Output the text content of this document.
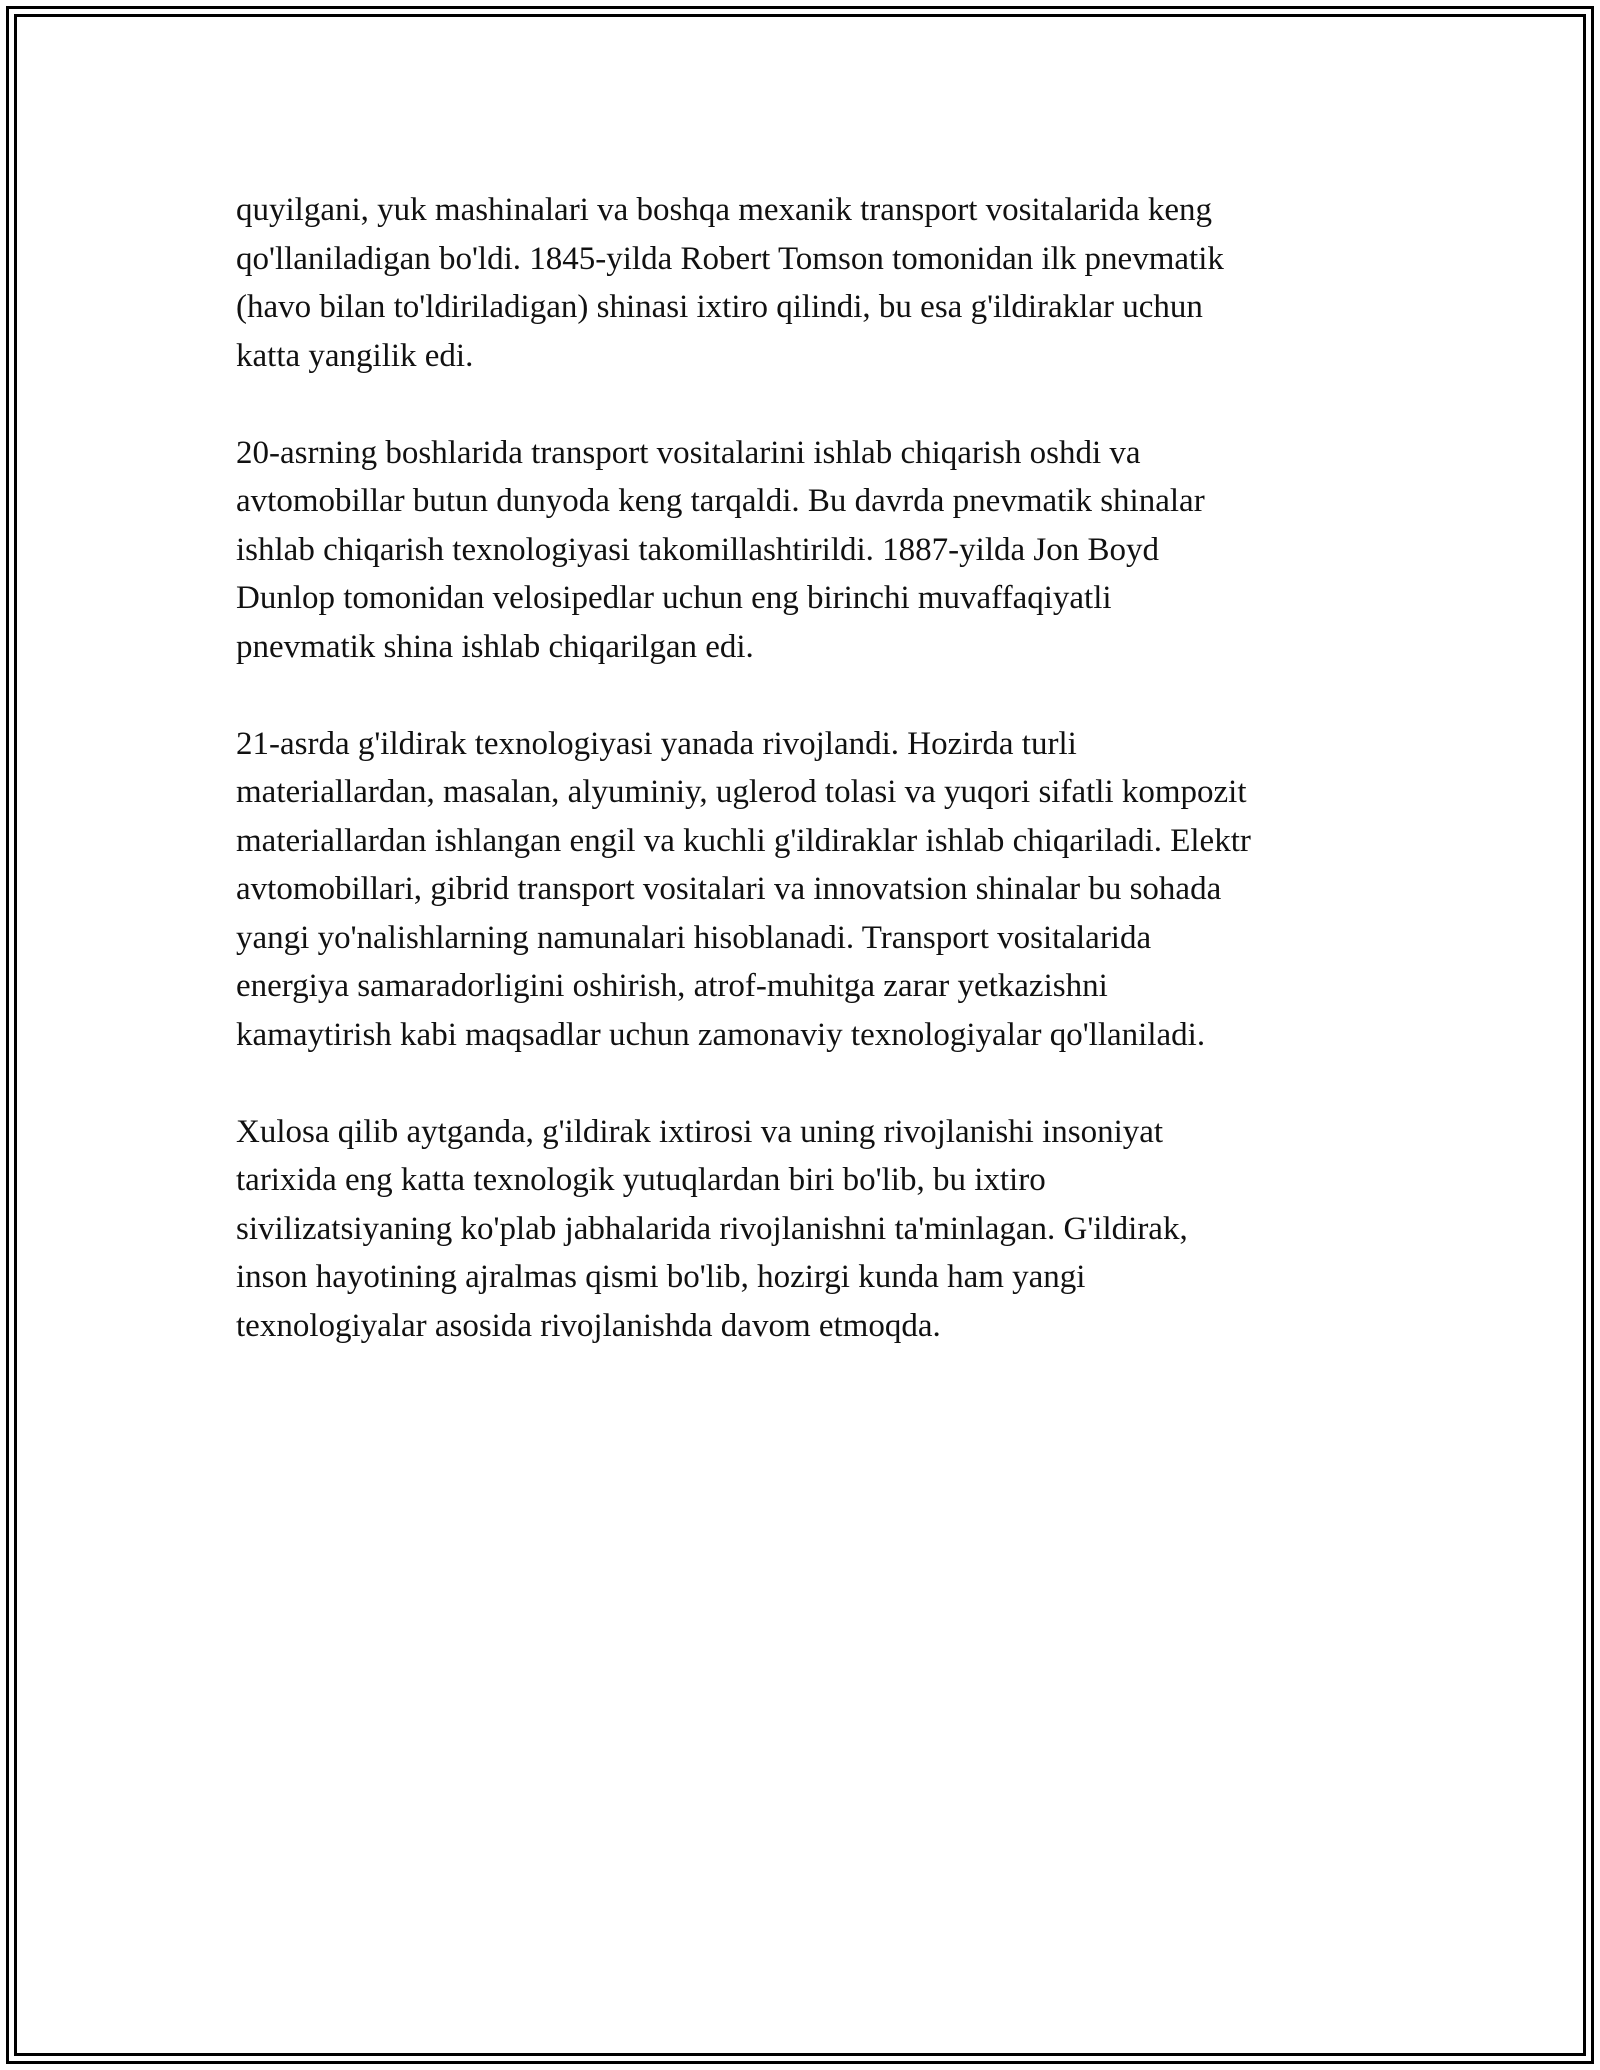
quyilgani, yuk mashinalari va boshqa mexanik transport vositalarida keng
qo'llaniladigan bo'ldi. 1845-yilda Robert Tomson tomonidan ilk pnevmatik
(havo bilan to'ldiriladigan) shinasi ixtiro qilindi, bu esa g'ildiraklar uchun
katta yangilik edi.

20-asrning boshlarida transport vositalarini ishlab chiqarish oshdi va
avtomobillar butun dunyoda keng tarqaldi. Bu davrda pnevmatik shinalar
ishlab chiqarish texnologiyasi takomillashtirildi. 1887-yilda Jon Boyd
Dunlop tomonidan velosipedlar uchun eng birinchi muvaffaqiyatli
pnevmatik shina ishlab chiqarilgan edi.

21-asrda g'ildirak texnologiyasi yanada rivojlandi. Hozirda turli
materiallardan, masalan, alyuminiy, uglerod tolasi va yuqori sifatli kompozit
materiallardan ishlangan engil va kuchli g'ildiraklar ishlab chiqariladi. Elektr
avtomobillari, gibrid transport vositalari va innovatsion shinalar bu sohada
yangi yo'nalishlarning namunalari hisoblanadi. Transport vositalarida
energiya samaradorligini oshirish, atrof-muhitga zarar yetkazishni
kamaytirish kabi maqsadlar uchun zamonaviy texnologiyalar qo'llaniladi.

Xulosa qilib aytganda, g'ildirak ixtirosi va uning rivojlanishi insoniyat
tarixida eng katta texnologik yutuqlardan biri bo'lib, bu ixtiro
sivilizatsiyaning ko'plab jabhalarida rivojlanishni ta'minlagan. G'ildirak,
inson hayotining ajralmas qismi bo'lib, hozirgi kunda ham yangi
texnologiyalar asosida rivojlanishda davom etmoqda.
